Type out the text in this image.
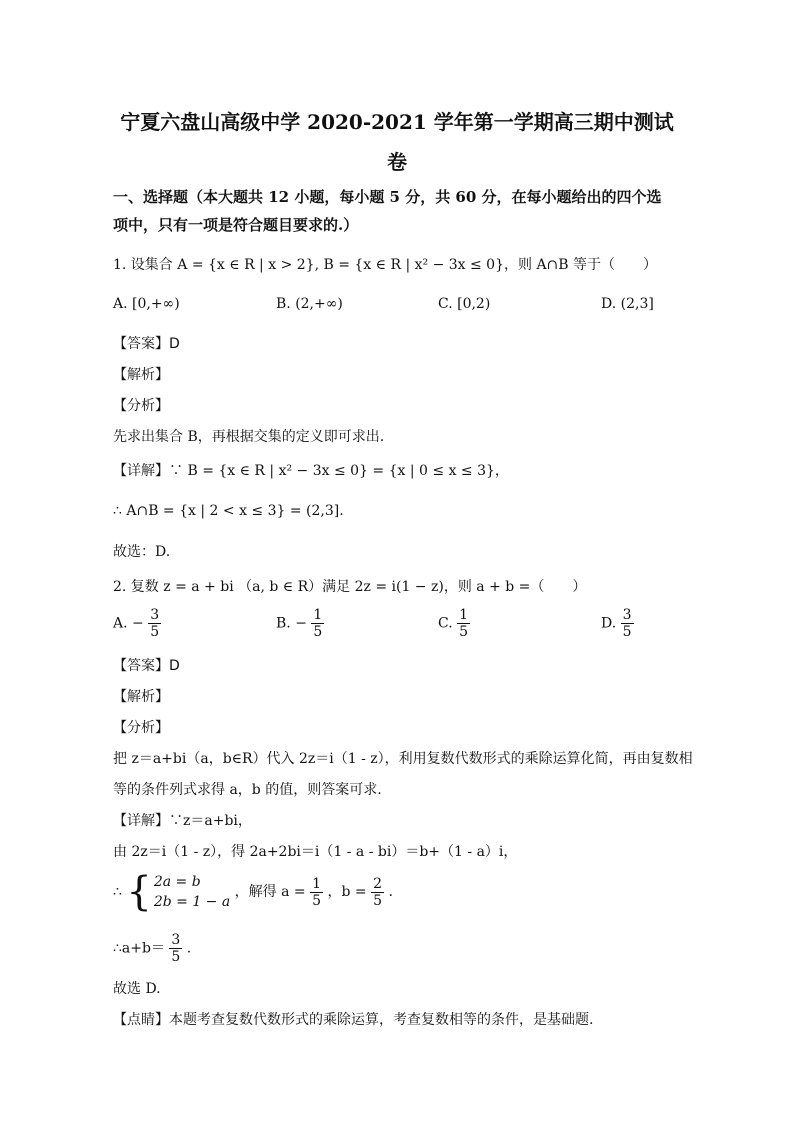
宁夏六盘山高级中学 2020-2021 学年第一学期高三期中测试
卷
一、选择题（本大题共 12 小题，每小题 5 分，共 60 分，在每小题给出的四个选
项中，只有一项是符合题目要求的.）
1. 设集合 A = {x ∈ R | x > 2}, B = {x ∈ R | x² − 3x ≤ 0}，则 A∩B 等于（　　）
A. [0,+∞)	B. (2,+∞)	C. [0,2)	D. (2,3]
【答案】D
【解析】
【分析】
先求出集合 B，再根据交集的定义即可求出.
【详解】∵ B = {x ∈ R | x² − 3x ≤ 0} = {x | 0 ≤ x ≤ 3}，
∴ A∩B = {x | 2 < x ≤ 3} = (2,3].
故选：D.
2. 复数 z = a + bi （a, b ∈ R）满足 2z = i(1 − z)，则 a + b =（　　）
A. − $\frac{3}{5}$	B. − $\frac{1}{5}$	C. $\frac{1}{5}$	D. $\frac{3}{5}$
【答案】D
【解析】
【分析】
把 z＝a+bi（a，b∈R）代入 2z＝i（1 - z），利用复数代数形式的乘除运算化简，再由复数相
等的条件列式求得 a，b 的值，则答案可求.
【详解】∵z＝a+bi，
由 2z＝i（1 - z），得 2a+2bi＝i（1 - a - bi）＝b+（1 - a）i，
∴ { 2a = b
2b = 1 − a
，解得 $a = \frac{1}{5}$ ，$b = \frac{2}{5}$ .
∴a+b＝ $\frac{3}{5}$ .
故选 D.
【点睛】本题考查复数代数形式的乘除运算，考查复数相等的条件，是基础题.
